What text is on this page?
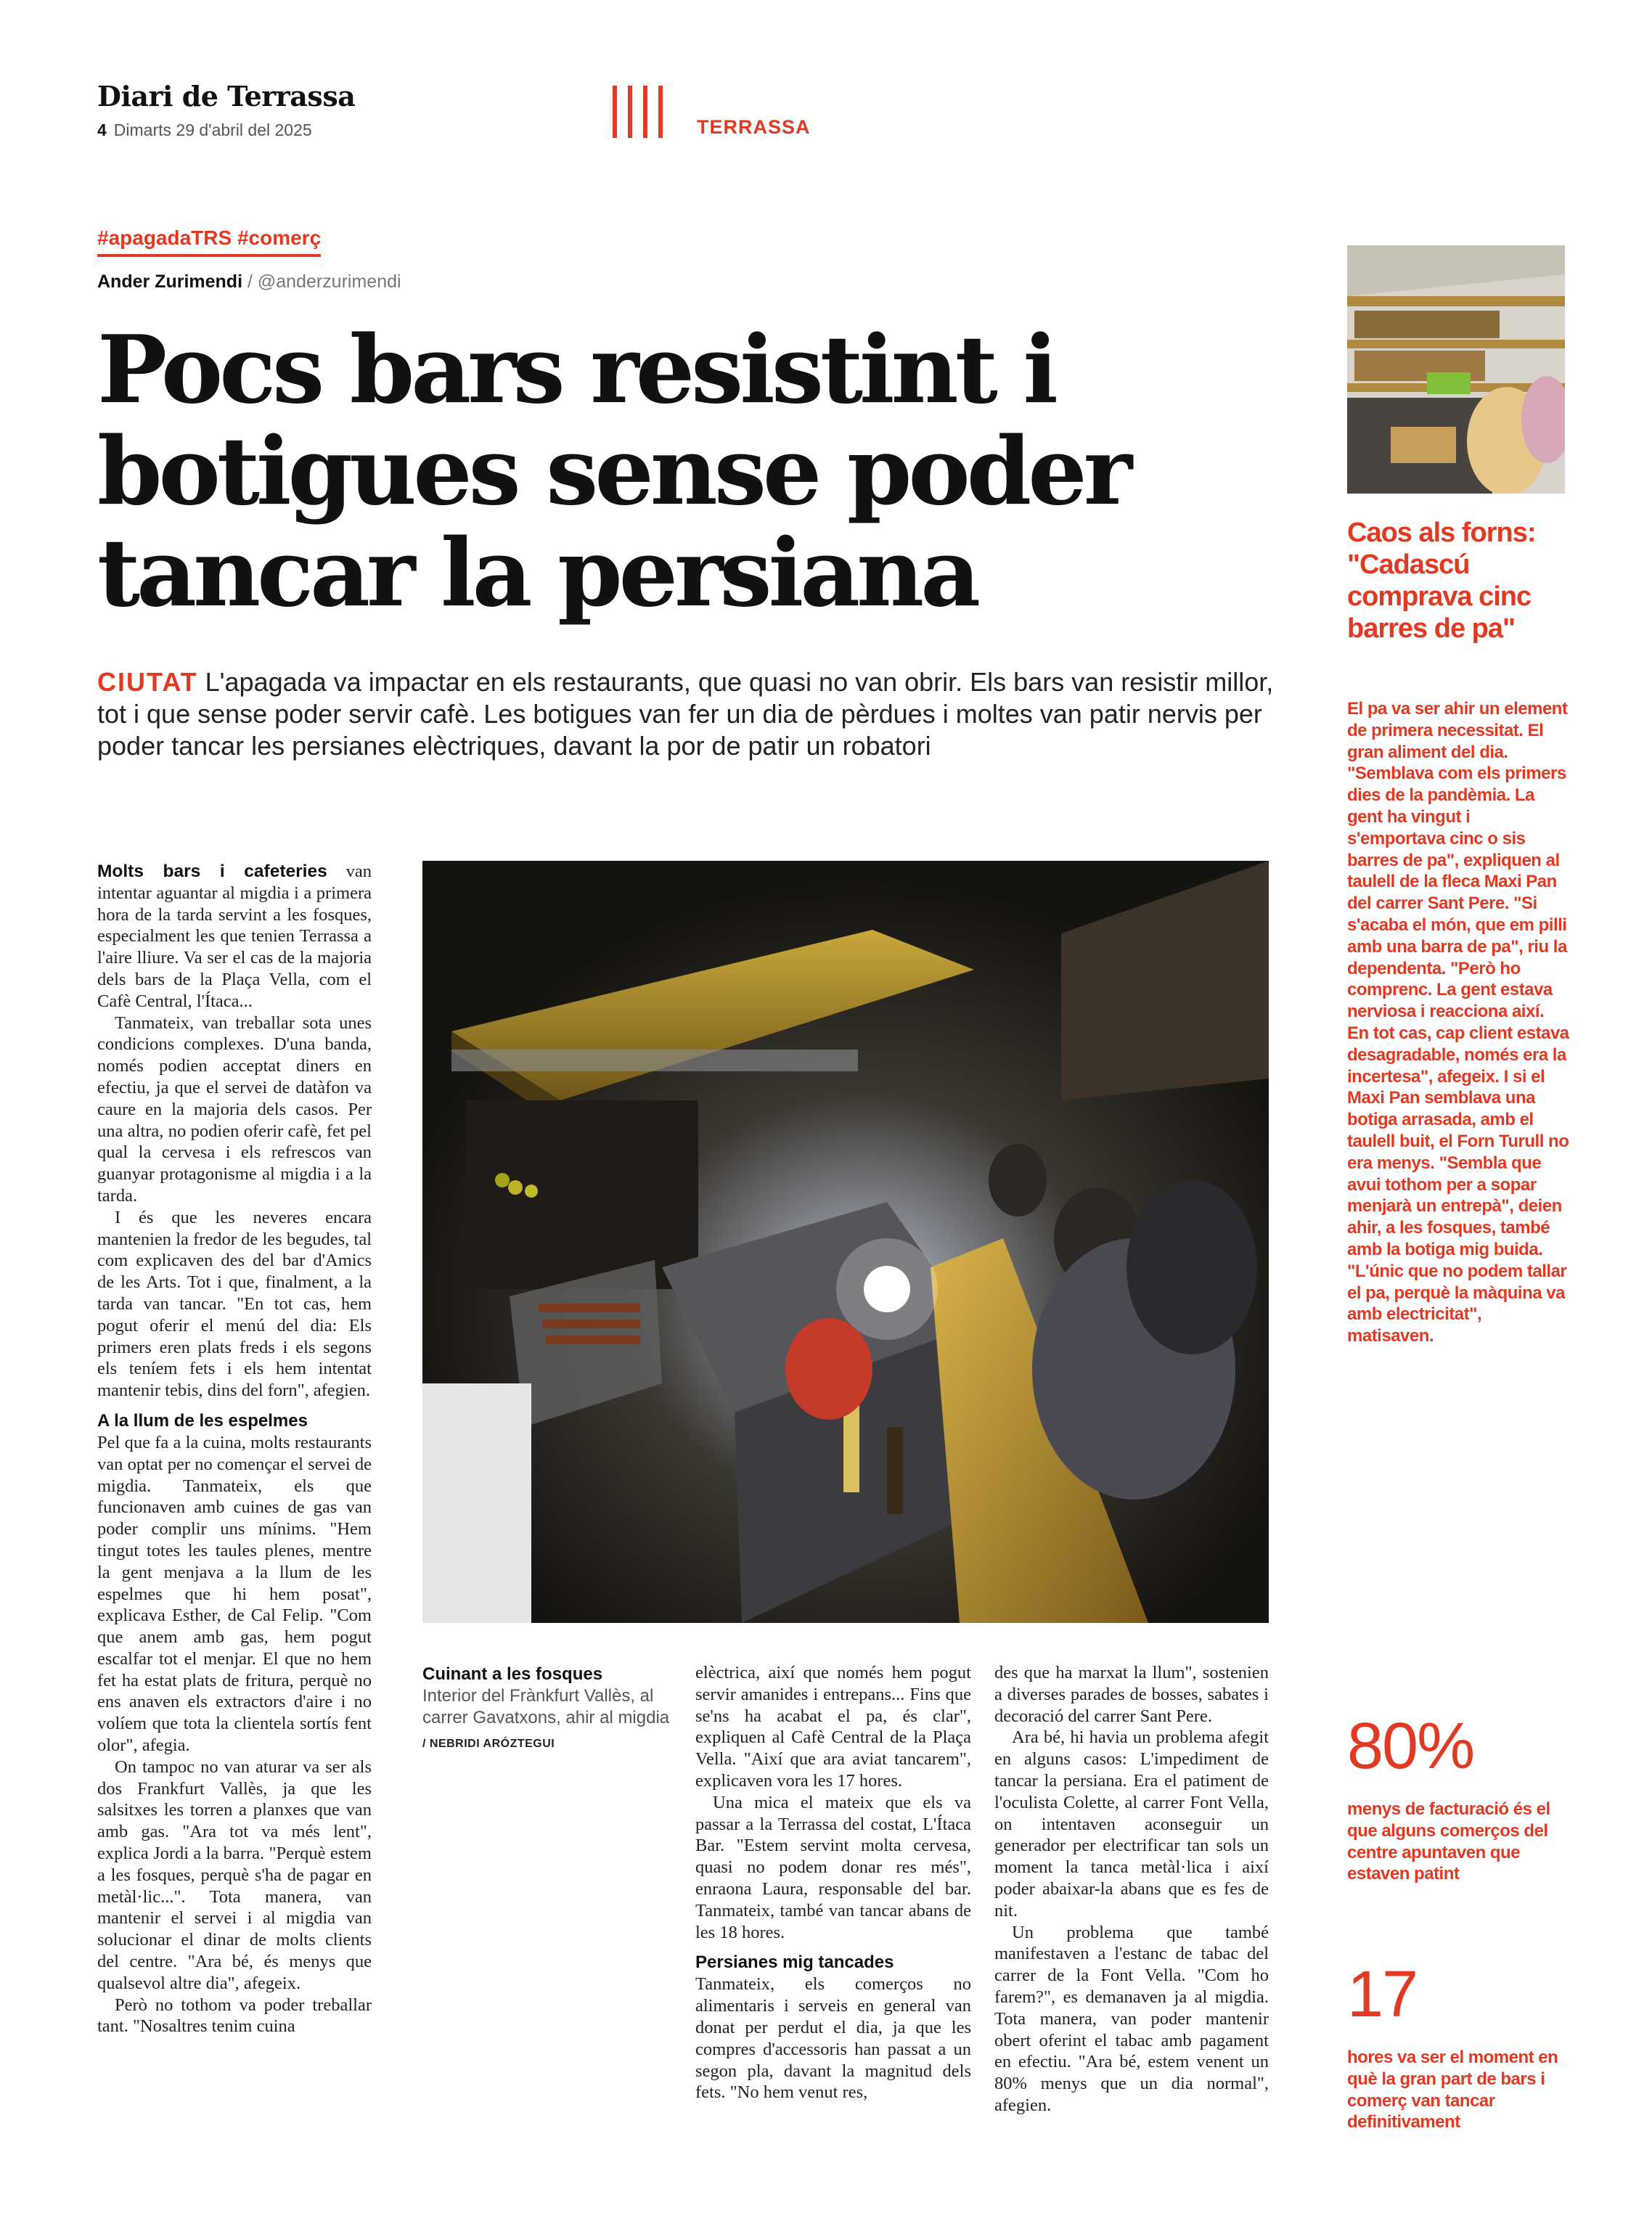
Diari de Terrassa
4 Dimarts 29 d'abril del 2025	TERRASSA
#apagadaTRS #comerç
Ander Zurimendi / @anderzurimendi
Pocs bars resistint i botigues sense poder tancar la persiana
CIUTAT L'apagada va impactar en els restaurants, que quasi no van obrir. Els bars van resistir millor, tot i que sense poder servir cafè. Les botigues van fer un dia de pèrdues i moltes van patir nervis per poder tancar les persianes elèctriques, davant la por de patir un robatori

Molts bars i cafeteries van intentar aguantar al migdia i a primera hora de la tarda servint a les fosques, especialment les que tenien Terrassa a l'aire lliure. Va ser el cas de la majoria dels bars de la Plaça Vella, com el Cafè Central, l'Ítaca...

Tanmateix, van treballar sota unes condicions complexes. D'una banda, només podien acceptat diners en efectiu, ja que el servei de datàfon va caure en la majoria dels casos. Per una altra, no podien oferir cafè, fet pel qual la cervesa i els refrescos van guanyar protagonisme al migdia i a la tarda.

I és que les neveres encara mantenien la fredor de les begudes, tal com explicaven des del bar d'Amics de les Arts. Tot i que, finalment, a la tarda van tancar. "En tot cas, hem pogut oferir el menú del dia: Els primers eren plats freds i els segons els teníem fets i els hem intentat mantenir tebis, dins del forn", afegien.

A la llum de les espelmes

Pel que fa a la cuina, molts restaurants van optat per no començar el servei de migdia. Tanmateix, els que funcionaven amb cuines de gas van poder complir uns mínims. "Hem tingut totes les taules plenes, mentre la gent menjava a la llum de les espelmes que hi hem posat", explicava Esther, de Cal Felip. "Com que anem amb gas, hem pogut escalfar tot el menjar. El que no hem fet ha estat plats de fritura, perquè no ens anaven els extractors d'aire i no volíem que tota la clientela sortís fent olor", afegia.

On tampoc no van aturar va ser als dos Frankfurt Vallès, ja que les salsitxes les torren a planxes que van amb gas. "Ara tot va més lent", explica Jordi a la barra. "Perquè estem a les fosques, perquè s'ha de pagar en metàl·lic...". Tota manera, van mantenir el servei i al migdia van solucionar el dinar de molts clients del centre. "Ara bé, és menys que qualsevol altre dia", afegeix.

Però no tothom va poder treballar tant. "Nosaltres tenim cuina

Cuinant a les fosques
Interior del Frànkfurt Vallès, al carrer Gavatxons, ahir al migdia
/ NEBRIDI ARÓZTEGUI

elèctrica, així que només hem pogut servir amanides i entrepans... Fins que se'ns ha acabat el pa, és clar", expliquen al Cafè Central de la Plaça Vella. "Així que ara aviat tancarem", explicaven vora les 17 hores.

Una mica el mateix que els va passar a la Terrassa del costat, L'Ítaca Bar. "Estem servint molta cervesa, quasi no podem donar res més", enraona Laura, responsable del bar. Tanmateix, també van tancar abans de les 18 hores.

Persianes mig tancades

Tanmateix, els comerços no alimentaris i serveis en general van donat per perdut el dia, ja que les compres d'accessoris han passat a un segon pla, davant la magnitud dels fets. "No hem venut res,

des que ha marxat la llum", sostenien a diverses parades de bosses, sabates i decoració del carrer Sant Pere.

Ara bé, hi havia un problema afegit en alguns casos: L'impediment de tancar la persiana. Era el patiment de l'oculista Colette, al carrer Font Vella, on intentaven aconseguir un generador per electrificar tan sols un moment la tanca metàl·lica i així poder abaixar-la abans que es fes de nit.

Un problema que també manifestaven a l'estanc de tabac del carrer de la Font Vella. "Com ho farem?", es demanaven ja al migdia. Tota manera, van poder mantenir obert oferint el tabac amb pagament en efectiu. "Ara bé, estem venent un 80% menys que un dia normal", afegien.

Caos als forns: "Cadascú comprava cinc barres de pa"
El pa va ser ahir un element de primera necessitat. El gran aliment del dia. "Semblava com els primers dies de la pandèmia. La gent ha vingut i s'emportava cinc o sis barres de pa", expliquen al taulell de la fleca Maxi Pan del carrer Sant Pere. "Si s'acaba el món, que em pilli amb una barra de pa", riu la dependenta. "Però ho comprenc. La gent estava nerviosa i reacciona així. En tot cas, cap client estava desagradable, només era la incertesa", afegeix. I si el Maxi Pan semblava una botiga arrasada, amb el taulell buit, el Forn Turull no era menys. "Sembla que avui tothom per a sopar menjarà un entrepà", deien ahir, a les fosques, també amb la botiga mig buida. "L'únic que no podem tallar el pa, perquè la màquina va amb electricitat", matisaven.
80%
menys de facturació és el que alguns comerços del centre apuntaven que estaven patint
17
hores va ser el moment en què la gran part de bars i comerç van tancar definitivament
